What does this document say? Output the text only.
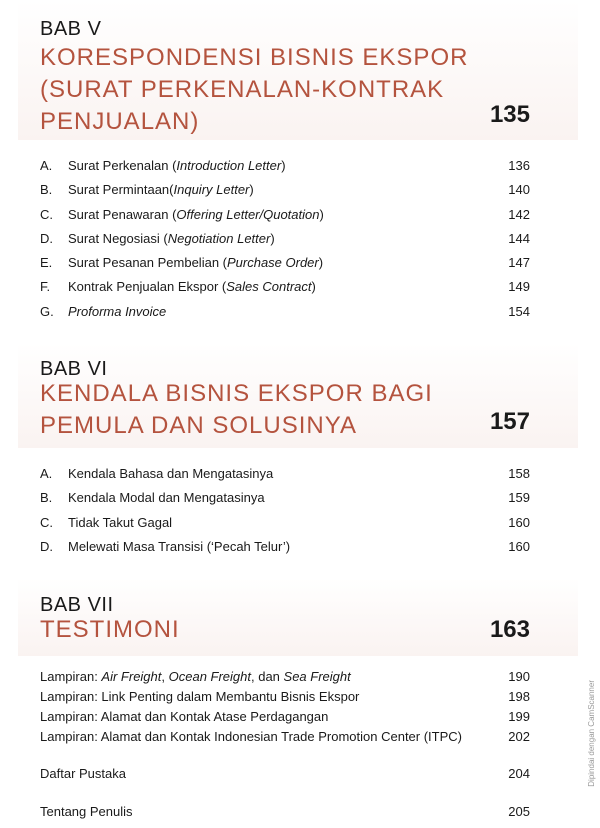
BAB V
KORESPONDENSI BISNIS EKSPOR
(SURAT PERKENALAN-KONTRAK
PENJUALAN)	135
A.	Surat Perkenalan (Introduction Letter)	136
B.	Surat Permintaan(Inquiry Letter)	140
C.	Surat Penawaran (Offering Letter/Quotation)	142
D.	Surat Negosiasi (Negotiation Letter)	144
E.	Surat Pesanan Pembelian (Purchase Order)	147
F.	Kontrak Penjualan Ekspor (Sales Contract)	149
G.	Proforma Invoice	154
BAB VI
KENDALA BISNIS EKSPOR BAGI
PEMULA DAN SOLUSINYA	157
A.	Kendala Bahasa dan Mengatasinya	158
B.	Kendala Modal dan Mengatasinya	159
C.	Tidak Takut Gagal	160
D.	Melewati Masa Transisi (‘Pecah Telur’)	160
BAB VII
TESTIMONI	163
Lampiran: Air Freight, Ocean Freight, dan Sea Freight	190
Lampiran: Link Penting dalam Membantu Bisnis Ekspor	198
Lampiran: Alamat dan Kontak Atase Perdagangan	199
Lampiran: Alamat dan Kontak Indonesian Trade Promotion Center (ITPC)	202
Daftar Pustaka	204
Tentang Penulis	205
Dipindai dengan CamScanner
